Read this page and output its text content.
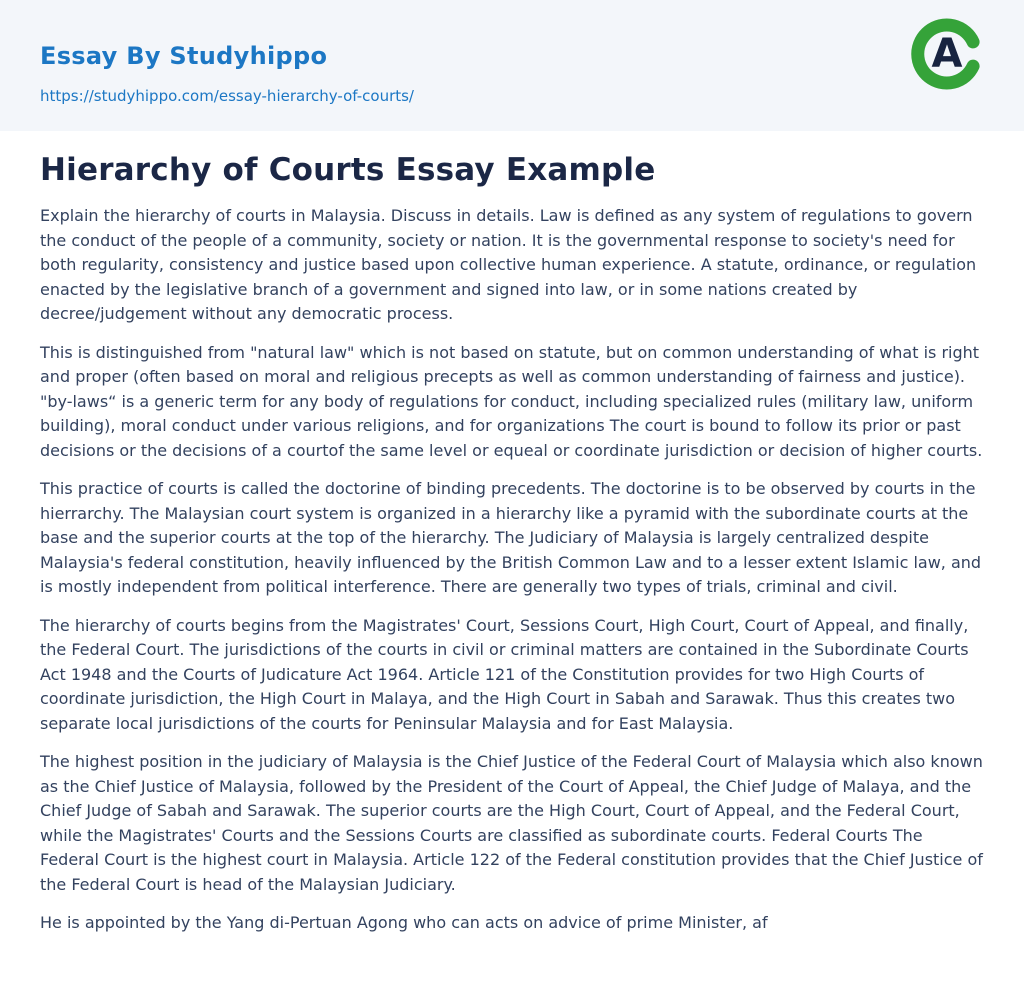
Essay By Studyhippo
https://studyhippo.com/essay-hierarchy-of-courts/
A
Hierarchy of Courts Essay Example

Explain the hierarchy of courts in Malaysia. Discuss in details. Law is defined as any system of regulations to govern the conduct of the people of a community, society or nation. It is the governmental response to society's need for both regularity, consistency and justice based upon collective human experience. A statute, ordinance, or regulation enacted by the legislative branch of a government and signed into law, or in some nations created by decree/judgement without any democratic process.

This is distinguished from "natural law" which is not based on statute, but on common understanding of what is right and proper (often based on moral and religious precepts as well as common understanding of fairness and justice). "by-laws“ is a generic term for any body of regulations for conduct, including specialized rules (military law, uniform building), moral conduct under various religions, and for organizations The court is bound to follow its prior or past decisions or the decisions of a courtof the same level or equeal or coordinate jurisdiction or decision of higher courts.

This practice of courts is called the doctorine of binding precedents. The doctorine is to be observed by courts in the hierrarchy. The Malaysian court system is organized in a hierarchy like a pyramid with the subordinate courts at the base and the superior courts at the top of the hierarchy. The Judiciary of Malaysia is largely centralized despite Malaysia's federal constitution, heavily influenced by the British Common Law and to a lesser extent Islamic law, and is mostly independent from political interference. There are generally two types of trials, criminal and civil.

The hierarchy of courts begins from the Magistrates' Court, Sessions Court, High Court, Court of Appeal, and finally, the Federal Court. The jurisdictions of the courts in civil or criminal matters are contained in the Subordinate Courts Act 1948 and the Courts of Judicature Act 1964. Article 121 of the Constitution provides for two High Courts of coordinate jurisdiction, the High Court in Malaya, and the High Court in Sabah and Sarawak. Thus this creates two separate local jurisdictions of the courts for Peninsular Malaysia and for East Malaysia.

The highest position in the judiciary of Malaysia is the Chief Justice of the Federal Court of Malaysia which also known as the Chief Justice of Malaysia, followed by the President of the Court of Appeal, the Chief Judge of Malaya, and the Chief Judge of Sabah and Sarawak. The superior courts are the High Court, Court of Appeal, and the Federal Court, while the Magistrates' Courts and the Sessions Courts are classified as subordinate courts. Federal Courts The Federal Court is the highest court in Malaysia. Article 122 of the Federal constitution provides that the Chief Justice of the Federal Court is head of the Malaysian Judiciary.

He is appointed by the Yang di-Pertuan Agong who can acts on advice of prime Minister, af
